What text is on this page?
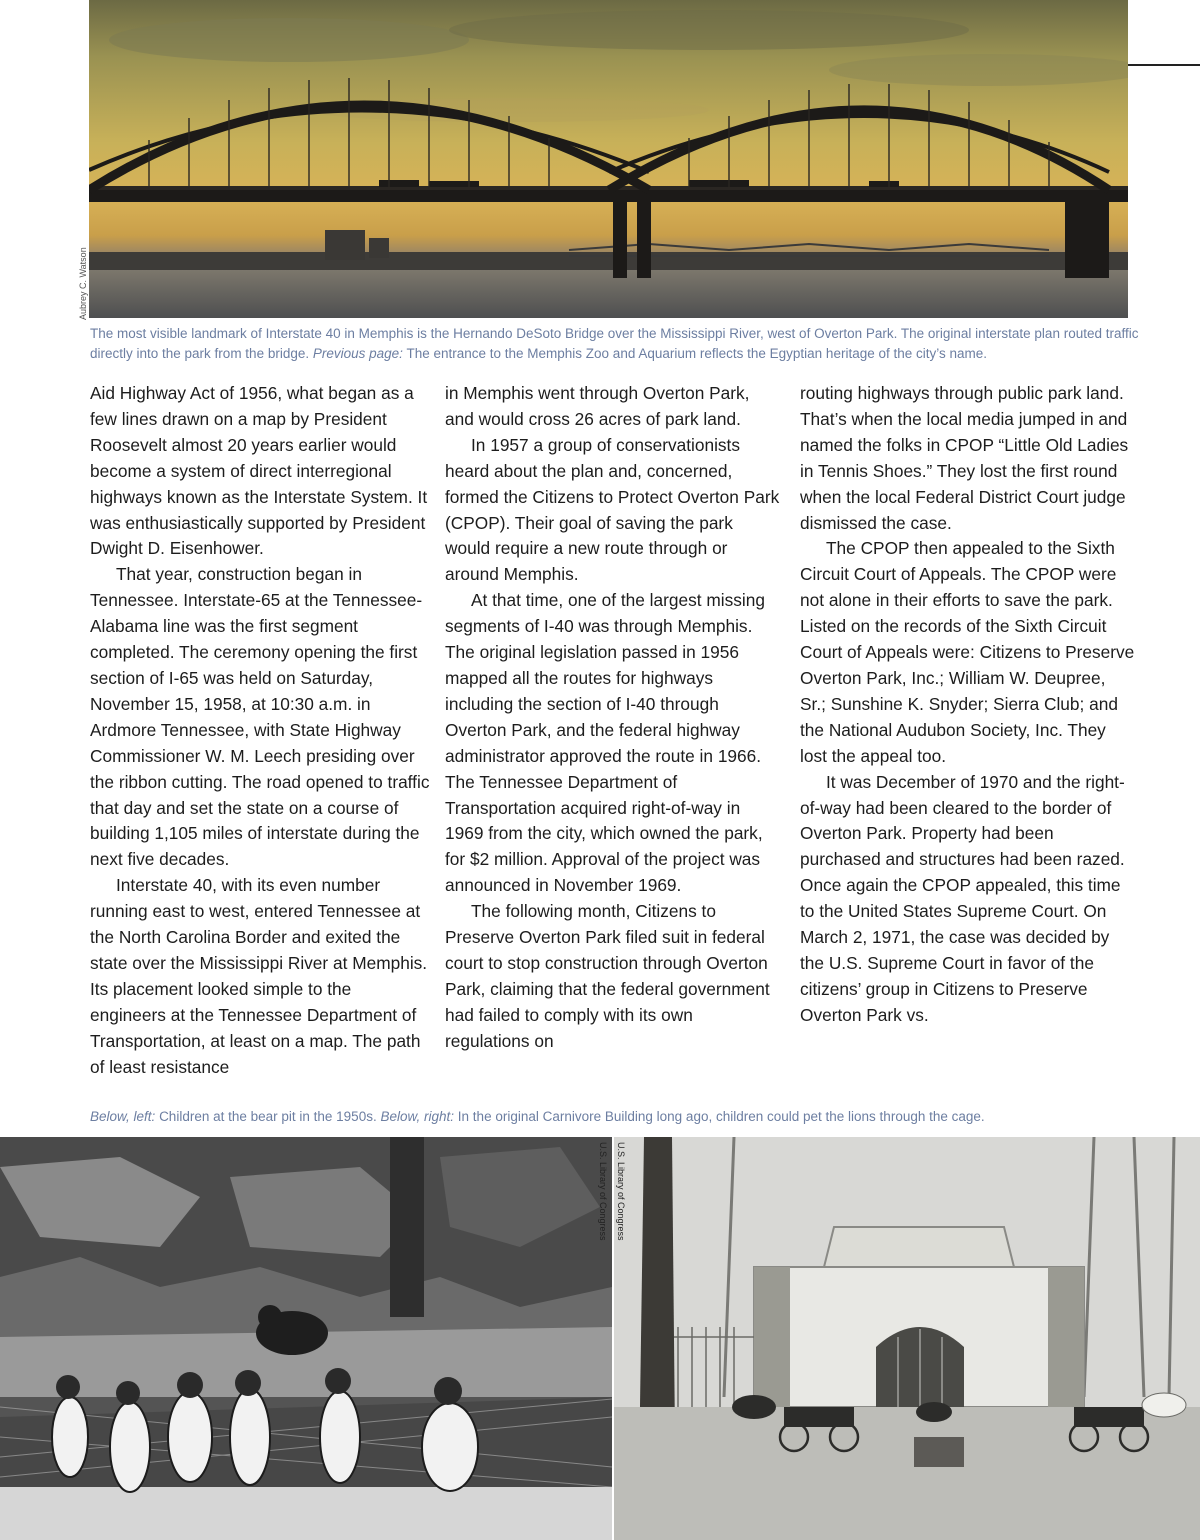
Aubrey C. Watson
The most visible landmark of Interstate 40 in Memphis is the Hernando DeSoto Bridge over the Mississippi River, west of Overton Park. The original interstate plan routed traffic directly into the park from the bridge. Previous page: The entrance to the Memphis Zoo and Aquarium reflects the Egyptian heritage of the city’s name.

Aid Highway Act of 1956, what began as a few lines drawn on a map by President Roosevelt almost 20 years earlier would become a system of direct interregional highways known as the Interstate System. It was enthusiastically supported by President Dwight D. Eisenhower.

That year, construction began in Tennessee. Interstate-65 at the Tennessee-Alabama line was the first segment completed. The ceremony opening the first section of I-65 was held on Saturday, November 15, 1958, at 10:30 a.m. in Ardmore Tennessee, with State Highway Commissioner W. M. Leech presiding over the ribbon cutting. The road opened to traffic that day and set the state on a course of building 1,105 miles of interstate during the next five decades.

Interstate 40, with its even number running east to west, entered Tennessee at the North Carolina Border and exited the state over the Mississippi River at Memphis. Its placement looked simple to the engineers at the Tennessee Department of Transportation, at least on a map. The path of least resistance

in Memphis went through Overton Park, and would cross 26 acres of park land.

In 1957 a group of conservationists heard about the plan and, concerned, formed the Citizens to Protect Overton Park (CPOP). Their goal of saving the park would require a new route through or around Memphis.

At that time, one of the largest missing segments of I-40 was through Memphis. The original legislation passed in 1956 mapped all the routes for highways including the section of I-40 through Overton Park, and the federal highway administrator approved the route in 1966. The Tennessee Department of Transportation acquired right-of-way in 1969 from the city, which owned the park, for $2 million. Approval of the project was announced in November 1969.

The following month, Citizens to Preserve Overton Park filed suit in federal court to stop construction through Overton Park, claiming that the federal government had failed to comply with its own regulations on

routing highways through public park land. That’s when the local media jumped in and named the folks in CPOP “Little Old Ladies in Tennis Shoes.” They lost the first round when the local Federal District Court judge dismissed the case.

The CPOP then appealed to the Sixth Circuit Court of Appeals. The CPOP were not alone in their efforts to save the park. Listed on the records of the Sixth Circuit Court of Appeals were: Citizens to Preserve Overton Park, Inc.; William W. Deupree, Sr.; Sunshine K. Snyder; Sierra Club; and the National Audubon Society, Inc. They lost the appeal too.

It was December of 1970 and the right-of-way had been cleared to the border of Overton Park. Property had been purchased and structures had been razed. Once again the CPOP appealed, this time to the United States Supreme Court. On March 2, 1971, the case was decided by the U.S. Supreme Court in favor of the citizens’ group in Citizens to Preserve Overton Park vs.

Below, left: Children at the bear pit in the 1950s. Below, right: In the original Carnivore Building long ago, children could pet the lions through the cage.
U.S. Library of Congress U.S. Library of Congress
